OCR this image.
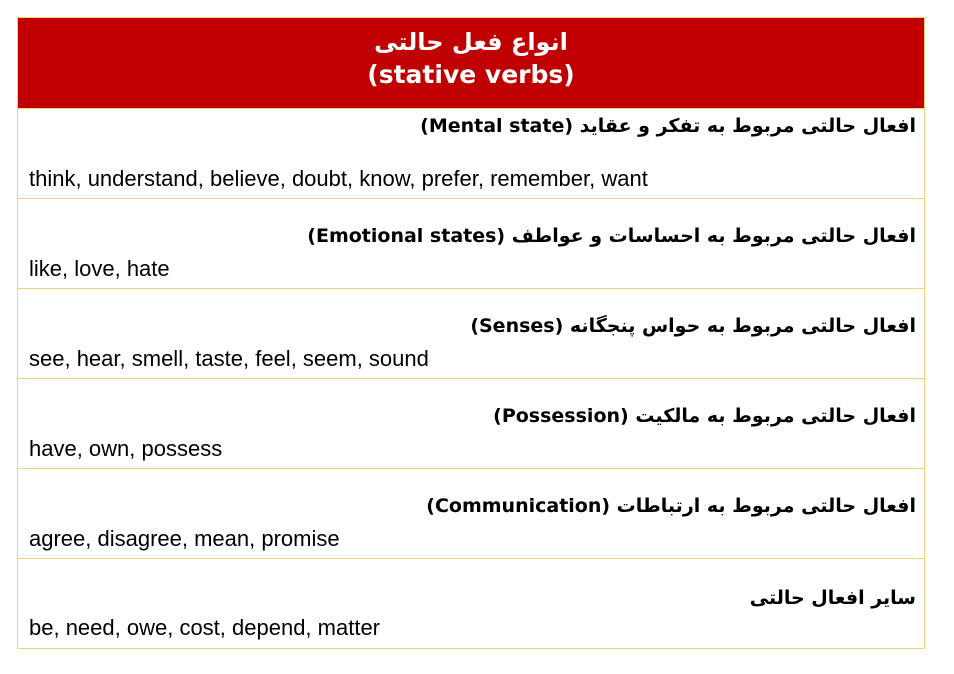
انواع فعل حالتی
(stative verbs)
افعال حالتی مربوط به تفکر و عقاید (Mental state)
think, understand, believe, doubt, know, prefer, remember, want
افعال حالتی مربوط به احساسات و عواطف (Emotional states)
like, love, hate
افعال حالتی مربوط به حواس پنجگانه (Senses)
see, hear, smell, taste, feel, seem, sound
افعال حالتی مربوط به مالکیت (Possession)
have, own, possess
افعال حالتی مربوط به ارتباطات (Communication)
agree, disagree, mean, promise
سایر افعال حالتی
be, need, owe, cost, depend, matter
